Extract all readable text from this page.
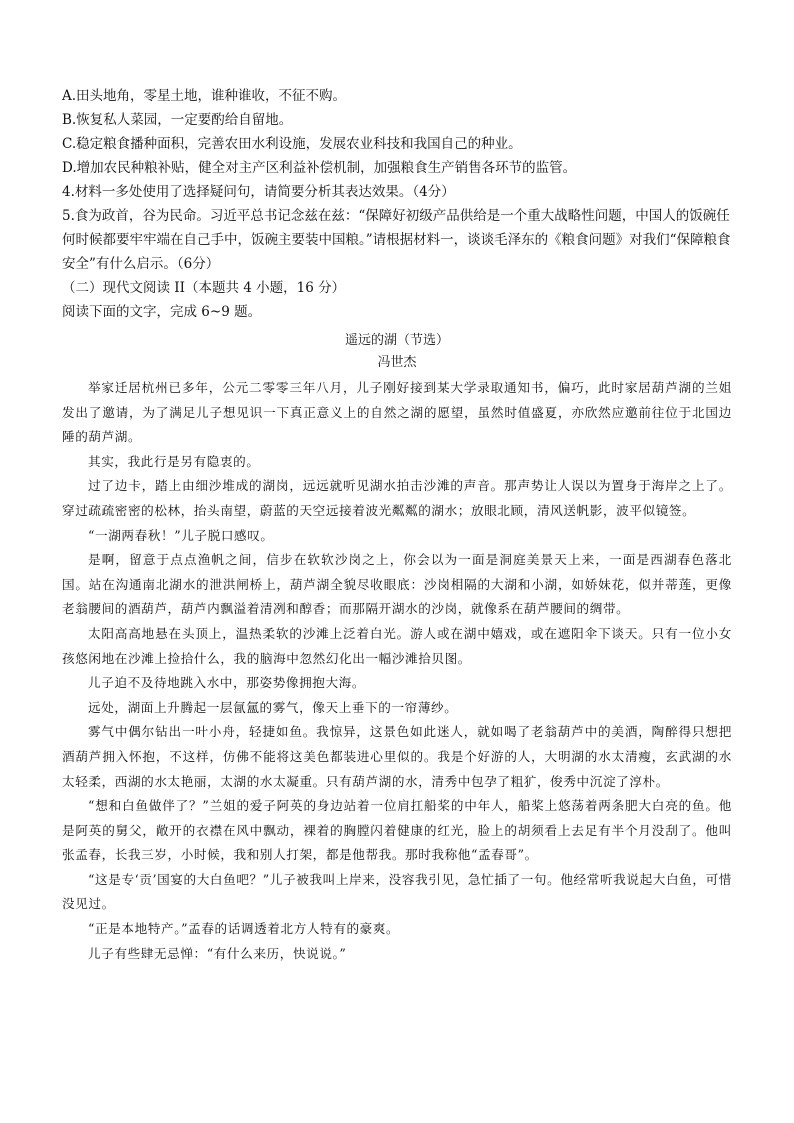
A.田头地角，零星土地，谁种谁收，不征不购。
B.恢复私人菜园，一定要酌给自留地。
C.稳定粮食播种面积，完善农田水利设施，发展农业科技和我国自己的种业。
D.增加农民种粮补贴，健全对主产区利益补偿机制，加强粮食生产销售各环节的监管。
4.材料一多处使用了选择疑问句，请简要分析其表达效果。（4分）
5.食为政首，谷为民命。习近平总书记念兹在兹：“保障好初级产品供给是一个重大战略性问题，中国人的饭碗任何时候都要牢牢端在自己手中，饭碗主要装中国粮。”请根据材料一，谈谈毛泽东的《粮食问题》对我们“保障粮食安全”有什么启示。（6分）
（二）现代文阅读 II（本题共 4 小题，16 分）
阅读下面的文字，完成 6~9 题。
遥远的湖（节选）
冯世杰
举家迁居杭州已多年，公元二零零三年八月，儿子刚好接到某大学录取通知书，偏巧，此时家居葫芦湖的兰姐发出了邀请，为了满足儿子想见识一下真正意义上的自然之湖的愿望，虽然时值盛夏，亦欣然应邀前往位于北国边陲的葫芦湖。
其实，我此行是另有隐衷的。
过了边卡，踏上由细沙堆成的湖岗，远远就听见湖水拍击沙滩的声音。那声势让人误以为置身于海岸之上了。穿过疏疏密密的松林，抬头南望，蔚蓝的天空远接着波光粼粼的湖水；放眼北顾，清风送帆影，波平似镜签。
“一湖两春秋！”儿子脱口感叹。
是啊，留意于点点渔帆之间，信步在软软沙岗之上，你会以为一面是洞庭美景天上来，一面是西湖春色落北国。站在沟通南北湖水的泄洪闸桥上，葫芦湖全貌尽收眼底：沙岗相隔的大湖和小湖，如娇妹花，似并蒂莲，更像老翁腰间的酒葫芦，葫芦内飘溢着清冽和醇香；而那隔开湖水的沙岗，就像系在葫芦腰间的绸带。
太阳高高地悬在头顶上，温热柔软的沙滩上泛着白光。游人或在湖中嬉戏，或在遮阳伞下谈天。只有一位小女孩悠闲地在沙滩上捡拾什么，我的脑海中忽然幻化出一幅沙滩拾贝图。
儿子迫不及待地跳入水中，那姿势像拥抱大海。
远处，湖面上升腾起一层氤氲的雾气，像天上垂下的一帘薄纱。
雾气中偶尔钻出一叶小舟，轻捷如鱼。我惊异，这景色如此迷人，就如喝了老翁葫芦中的美酒，陶醉得只想把酒葫芦拥入怀抱，不这样，仿佛不能将这美色都装进心里似的。我是个好游的人，大明湖的水太清瘦，玄武湖的水太轻柔，西湖的水太艳丽，太湖的水太凝重。只有葫芦湖的水，清秀中包孕了粗犷，俊秀中沉淀了淳朴。
“想和白鱼做伴了？”兰姐的爱子阿英的身边站着一位肩扛船桨的中年人，船桨上悠荡着两条肥大白亮的鱼。他是阿英的舅父，敞开的衣襟在风中飘动，裸着的胸膛闪着健康的红光，脸上的胡须看上去足有半个月没刮了。他叫张孟春，长我三岁，小时候，我和别人打架，都是他帮我。那时我称他“孟春哥”。
“这是专‘贡’国宴的大白鱼吧？”儿子被我叫上岸来，没容我引见，急忙插了一句。他经常听我说起大白鱼，可惜没见过。
“正是本地特产。”孟春的话调透着北方人特有的豪爽。
儿子有些肆无忌惮：“有什么来历，快说说。”
